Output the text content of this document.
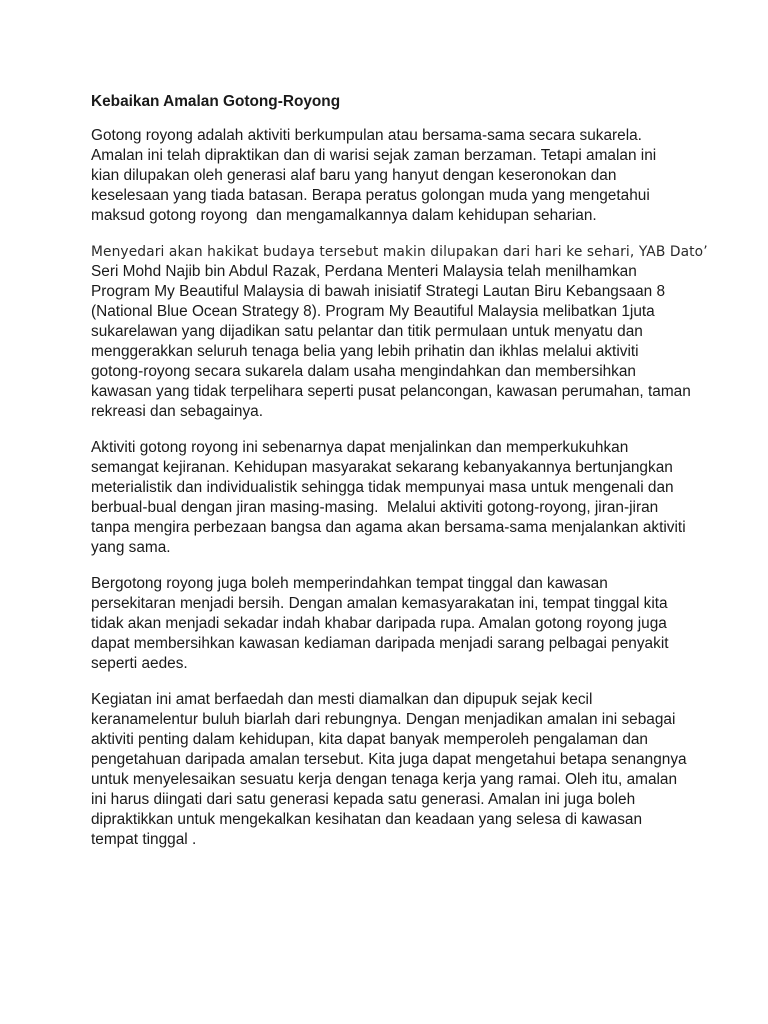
Kebaikan Amalan Gotong-Royong
Gotong royong adalah aktiviti berkumpulan atau bersama-sama secara sukarela.
Amalan ini telah dipraktikan dan di warisi sejak zaman berzaman. Tetapi amalan ini
kian dilupakan oleh generasi alaf baru yang hanyut dengan keseronokan dan
keselesaan yang tiada batasan. Berapa peratus golongan muda yang mengetahui
maksud gotong royong  dan mengamalkannya dalam kehidupan seharian.
Menyedari akan hakikat budaya tersebut makin dilupakan dari hari ke sehari, YAB Dato’
Seri Mohd Najib bin Abdul Razak, Perdana Menteri Malaysia telah menilhamkan
Program My Beautiful Malaysia di bawah inisiatif Strategi Lautan Biru Kebangsaan 8
(National Blue Ocean Strategy 8). Program My Beautiful Malaysia melibatkan 1juta
sukarelawan yang dijadikan satu pelantar dan titik permulaan untuk menyatu dan
menggerakkan seluruh tenaga belia yang lebih prihatin dan ikhlas melalui aktiviti
gotong-royong secara sukarela dalam usaha mengindahkan dan membersihkan
kawasan yang tidak terpelihara seperti pusat pelancongan, kawasan perumahan, taman
rekreasi dan sebagainya.
Aktiviti gotong royong ini sebenarnya dapat menjalinkan dan memperkukuhkan
semangat kejiranan. Kehidupan masyarakat sekarang kebanyakannya bertunjangkan
meterialistik dan individualistik sehingga tidak mempunyai masa untuk mengenali dan
berbual-bual dengan jiran masing-masing.  Melalui aktiviti gotong-royong, jiran-jiran
tanpa mengira perbezaan bangsa dan agama akan bersama-sama menjalankan aktiviti
yang sama.
Bergotong royong juga boleh memperindahkan tempat tinggal dan kawasan
persekitaran menjadi bersih. Dengan amalan kemasyarakatan ini, tempat tinggal kita
tidak akan menjadi sekadar indah khabar daripada rupa. Amalan gotong royong juga
dapat membersihkan kawasan kediaman daripada menjadi sarang pelbagai penyakit
seperti aedes.
Kegiatan ini amat berfaedah dan mesti diamalkan dan dipupuk sejak kecil
keranamelentur buluh biarlah dari rebungnya. Dengan menjadikan amalan ini sebagai
aktiviti penting dalam kehidupan, kita dapat banyak memperoleh pengalaman dan
pengetahuan daripada amalan tersebut. Kita juga dapat mengetahui betapa senangnya
untuk menyelesaikan sesuatu kerja dengan tenaga kerja yang ramai. Oleh itu, amalan
ini harus diingati dari satu generasi kepada satu generasi. Amalan ini juga boleh
dipraktikkan untuk mengekalkan kesihatan dan keadaan yang selesa di kawasan
tempat tinggal .
